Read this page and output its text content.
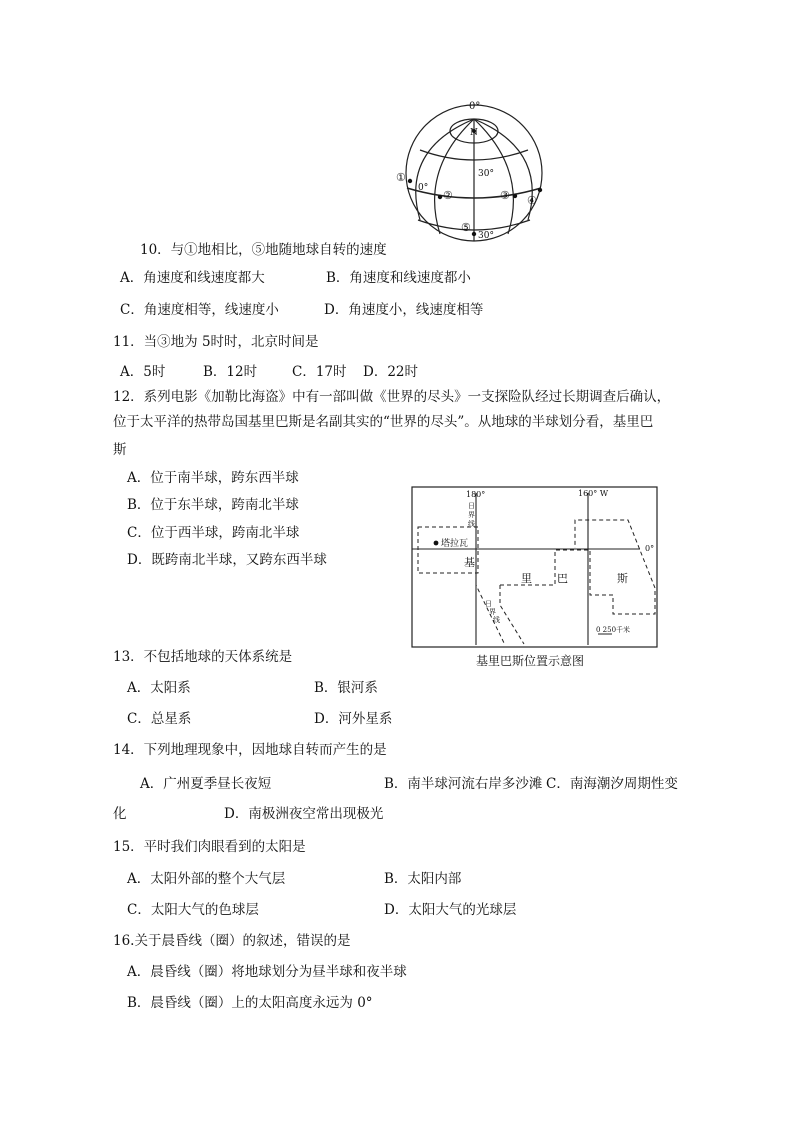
0°
N
30°
0°
30°
①
②	③ ④
⑤
180°	160° W
0°
日
界
线
日
界
线
塔拉瓦
基
里 巴	斯
0 250千米
基里巴斯位置示意图
10．与①地相比，⑤地随地球自转的速度
A．角速度和线速度都大	B．角速度和线速度都小
C．角速度相等，线速度小	D．角速度小，线速度相等
11．当③地为 5时时，北京时间是
A．5时	B．12时	C．17时 D．22时
12．系列电影《加勒比海盗》中有一部叫做《世界的尽头》一支探险队经过长期调查后确认，
位于太平洋的热带岛国基里巴斯是名副其实的“世界的尽头”。从地球的半球划分看，基里巴
斯
A．位于南半球，跨东西半球
B．位于东半球，跨南北半球
C．位于西半球，跨南北半球
D．既跨南北半球，又跨东西半球
13．不包括地球的天体系统是
A．太阳系	B．银河系
C．总星系	D．河外星系
14．下列地理现象中，因地球自转而产生的是
A．广州夏季昼长夜短	B．南半球河流右岸多沙滩 C．南海潮汐周期性变
化	D．南极洲夜空常出现极光
15．平时我们肉眼看到的太阳是
A．太阳外部的整个大气层	B．太阳内部
C．太阳大气的色球层	D．太阳大气的光球层
16.关于晨昏线（圈）的叙述，错误的是
A．晨昏线（圈）将地球划分为昼半球和夜半球
B．晨昏线（圈）上的太阳高度永远为 0°
